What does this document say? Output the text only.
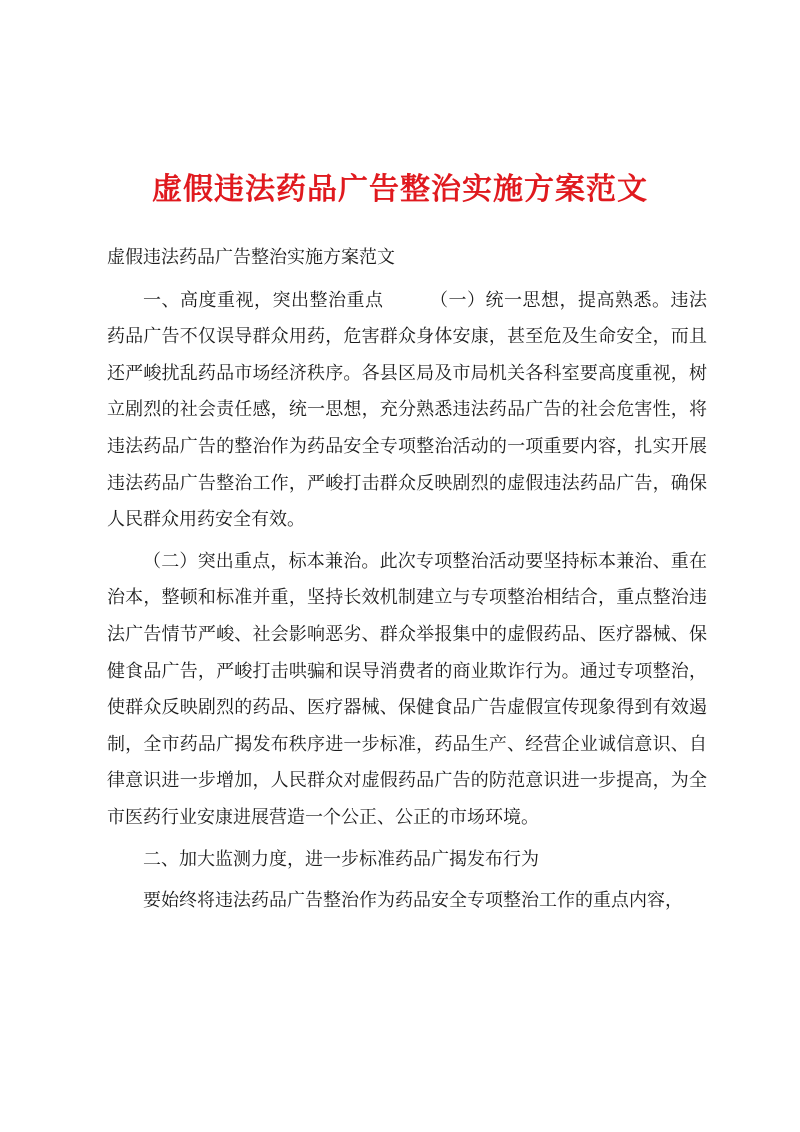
虚假违法药品广告整治实施方案范文

虚假违法药品广告整治实施方案范文

一、高度重视，突出整治重点	（一）统一思想，提高熟悉。违法药品广告不仅误导群众用药，危害群众身体安康，甚至危及生命安全，而且还严峻扰乱药品市场经济秩序。各县区局及市局机关各科室要高度重视，树立剧烈的社会责任感，统一思想，充分熟悉违法药品广告的社会危害性，将违法药品广告的整治作为药品安全专项整治活动的一项重要内容，扎实开展违法药品广告整治工作，严峻打击群众反映剧烈的虚假违法药品广告，确保人民群众用药安全有效。

（二）突出重点，标本兼治。此次专项整治活动要坚持标本兼治、重在治本，整顿和标准并重，坚持长效机制建立与专项整治相结合，重点整治违法广告情节严峻、社会影响恶劣、群众举报集中的虚假药品、医疗器械、保健食品广告，严峻打击哄骗和误导消费者的商业欺诈行为。通过专项整治，使群众反映剧烈的药品、医疗器械、保健食品广告虚假宣传现象得到有效遏制，全市药品广揭发布秩序进一步标准，药品生产、经营企业诚信意识、自律意识进一步增加，人民群众对虚假药品广告的防范意识进一步提高，为全市医药行业安康进展营造一个公正、公正的市场环境。

二、加大监测力度，进一步标准药品广揭发布行为

要始终将违法药品广告整治作为药品安全专项整治工作的重点内容，
